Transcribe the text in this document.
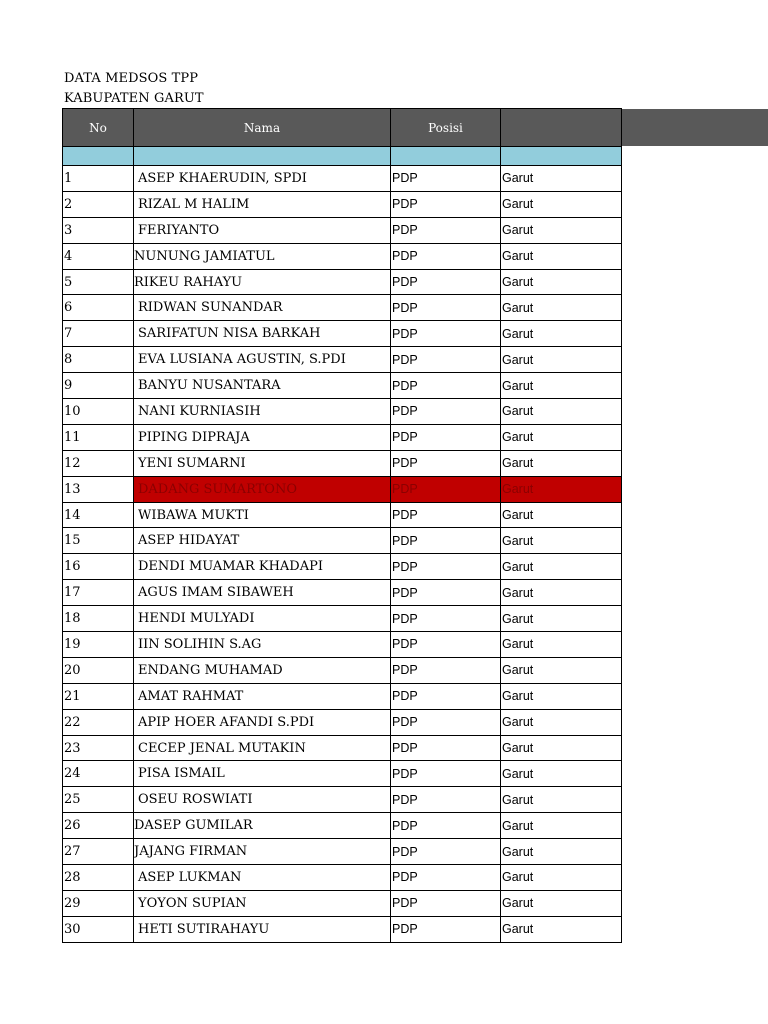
DATA MEDSOS TPP
KABUPATEN GARUT
No	Nama	Posisi	

1	ASEP KHAERUDIN, SPDI	PDP	Garut
2	RIZAL M HALIM	PDP	Garut
3	FERIYANTO	PDP	Garut
4	NUNUNG JAMIATUL	PDP	Garut
5	RIKEU RAHAYU	PDP	Garut
6	RIDWAN SUNANDAR	PDP	Garut
7	SARIFATUN NISA BARKAH	PDP	Garut
8	EVA LUSIANA AGUSTIN, S.PDI	PDP	Garut
9	BANYU NUSANTARA	PDP	Garut
10	NANI KURNIASIH	PDP	Garut
11	PIPING DIPRAJA	PDP	Garut
12	YENI SUMARNI	PDP	Garut
13	DADANG SUMARTONO	PDP	Garut
14	WIBAWA MUKTI	PDP	Garut
15	ASEP HIDAYAT	PDP	Garut
16	DENDI MUAMAR KHADAPI	PDP	Garut
17	AGUS IMAM SIBAWEH	PDP	Garut
18	HENDI MULYADI	PDP	Garut
19	IIN SOLIHIN S.AG	PDP	Garut
20	ENDANG MUHAMAD	PDP	Garut
21	AMAT RAHMAT	PDP	Garut
22	APIP HOER AFANDI S.PDI	PDP	Garut
23	CECEP JENAL MUTAKIN	PDP	Garut
24	PISA ISMAIL	PDP	Garut
25	OSEU ROSWIATI	PDP	Garut
26	DASEP GUMILAR	PDP	Garut
27	JAJANG FIRMAN	PDP	Garut
28	ASEP LUKMAN	PDP	Garut
29	YOYON SUPIAN	PDP	Garut
30	HETI SUTIRAHAYU	PDP	Garut
